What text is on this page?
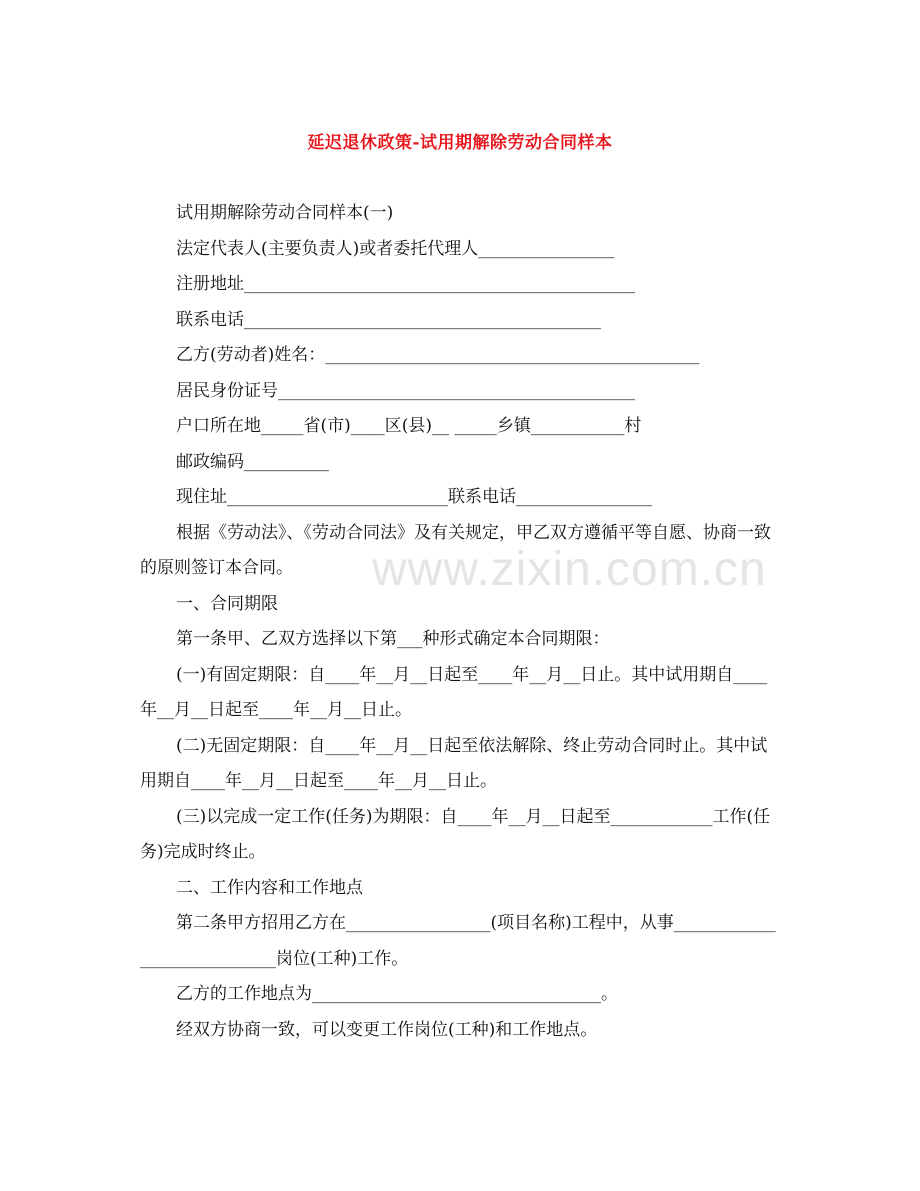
延迟退休政策-试用期解除劳动合同样本

试用期解除劳动合同样本(一)

法定代表人(主要负责人)或者委托代理人________________

注册地址______________________________________________

联系电话__________________________________________

乙方(劳动者)姓名：____________________________________________

居民身份证号__________________________________________

户口所在地_____省(市)____区(县)__ _____乡镇___________村

邮政编码__________

现住址__________________________联系电话________________

根据《劳动法》、《劳动合同法》及有关规定，甲乙双方遵循平等自愿、协商一致的原则签订本合同。

一、合同期限

第一条甲、乙双方选择以下第___种形式确定本合同期限：

(一)有固定期限：自____年__月__日起至____年__月__日止。其中试用期自____年__月__日起至____年__月__日止。

(二)无固定期限：自____年__月__日起至依法解除、终止劳动合同时止。其中试用期自____年__月__日起至____年__月__日止。

(三)以完成一定工作(任务)为期限：自____年__月__日起至____________工作(任务)完成时终止。

二、工作内容和工作地点

第二条甲方招用乙方在_________________(项目名称)工程中，从事____________________________岗位(工种)工作。

乙方的工作地点为__________________________________。

经双方协商一致，可以变更工作岗位(工种)和工作地点。

www.zixin.com.cn
